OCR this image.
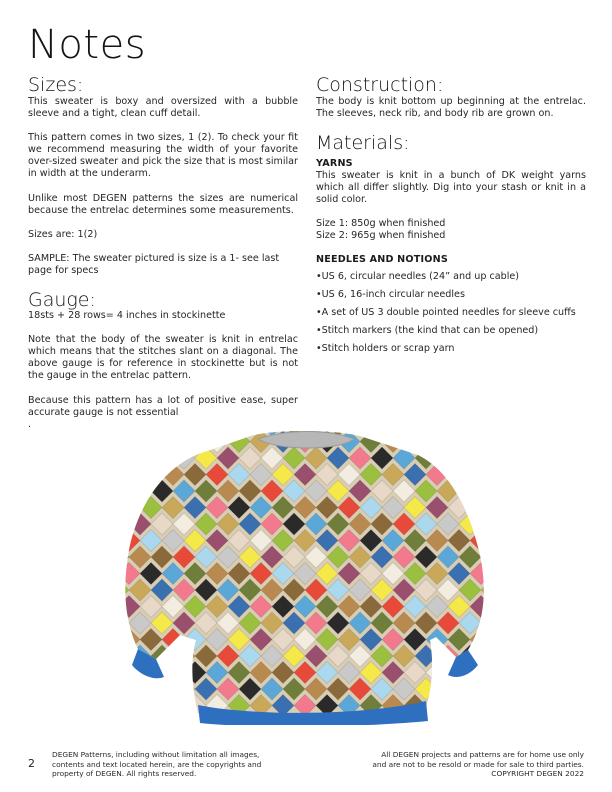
Notes
Sizes:
This sweater is boxy and oversized with a bubble sleeve and a tight, clean cuff detail.
This pattern comes in two sizes, 1 (2). To check your fit we recommend measuring the width of your favorite over-sized sweater and pick the size that is most similar in width at the underarm.
Unlike most DEGEN patterns the sizes are numerical because the entrelac determines some measurements.
Sizes are: 1(2)
SAMPLE: The sweater pictured is size is a 1- see last page for specs
Gauge:
18sts + 28 rows= 4 inches in stockinette
Note that the body of the sweater is knit in entrelac which means that the stitches slant on a diagonal. The above gauge is for reference in stockinette but is not the gauge in the entrelac pattern.
Because this pattern has a lot of positive ease, super accurate gauge is not essential
.
Construction:
The body is knit bottom up beginning at the entrelac. The sleeves, neck rib, and body rib are grown on.
Materials:
YARNS
This sweater is knit in a bunch of DK weight yarns which all differ slightly. Dig into your stash or knit in a solid color.
Size 1: 850g when finished
Size 2: 965g when finished
NEEDLES AND NOTIONS
•US 6, circular needles (24” and up cable)
•US 6, 16-inch circular needles
•A set of US 3 double pointed needles for sleeve cuffs
•Stitch markers (the kind that can be opened)
•Stitch holders or scrap yarn
2
DEGEN Patterns, including without limitation all images,
contents and text located herein, are the copyrights and
property of DEGEN. All rights reserved.
All DEGEN projects and patterns are for home use only
and are not to be resold or made for sale to third parties.
COPYRIGHT DEGEN 2022
